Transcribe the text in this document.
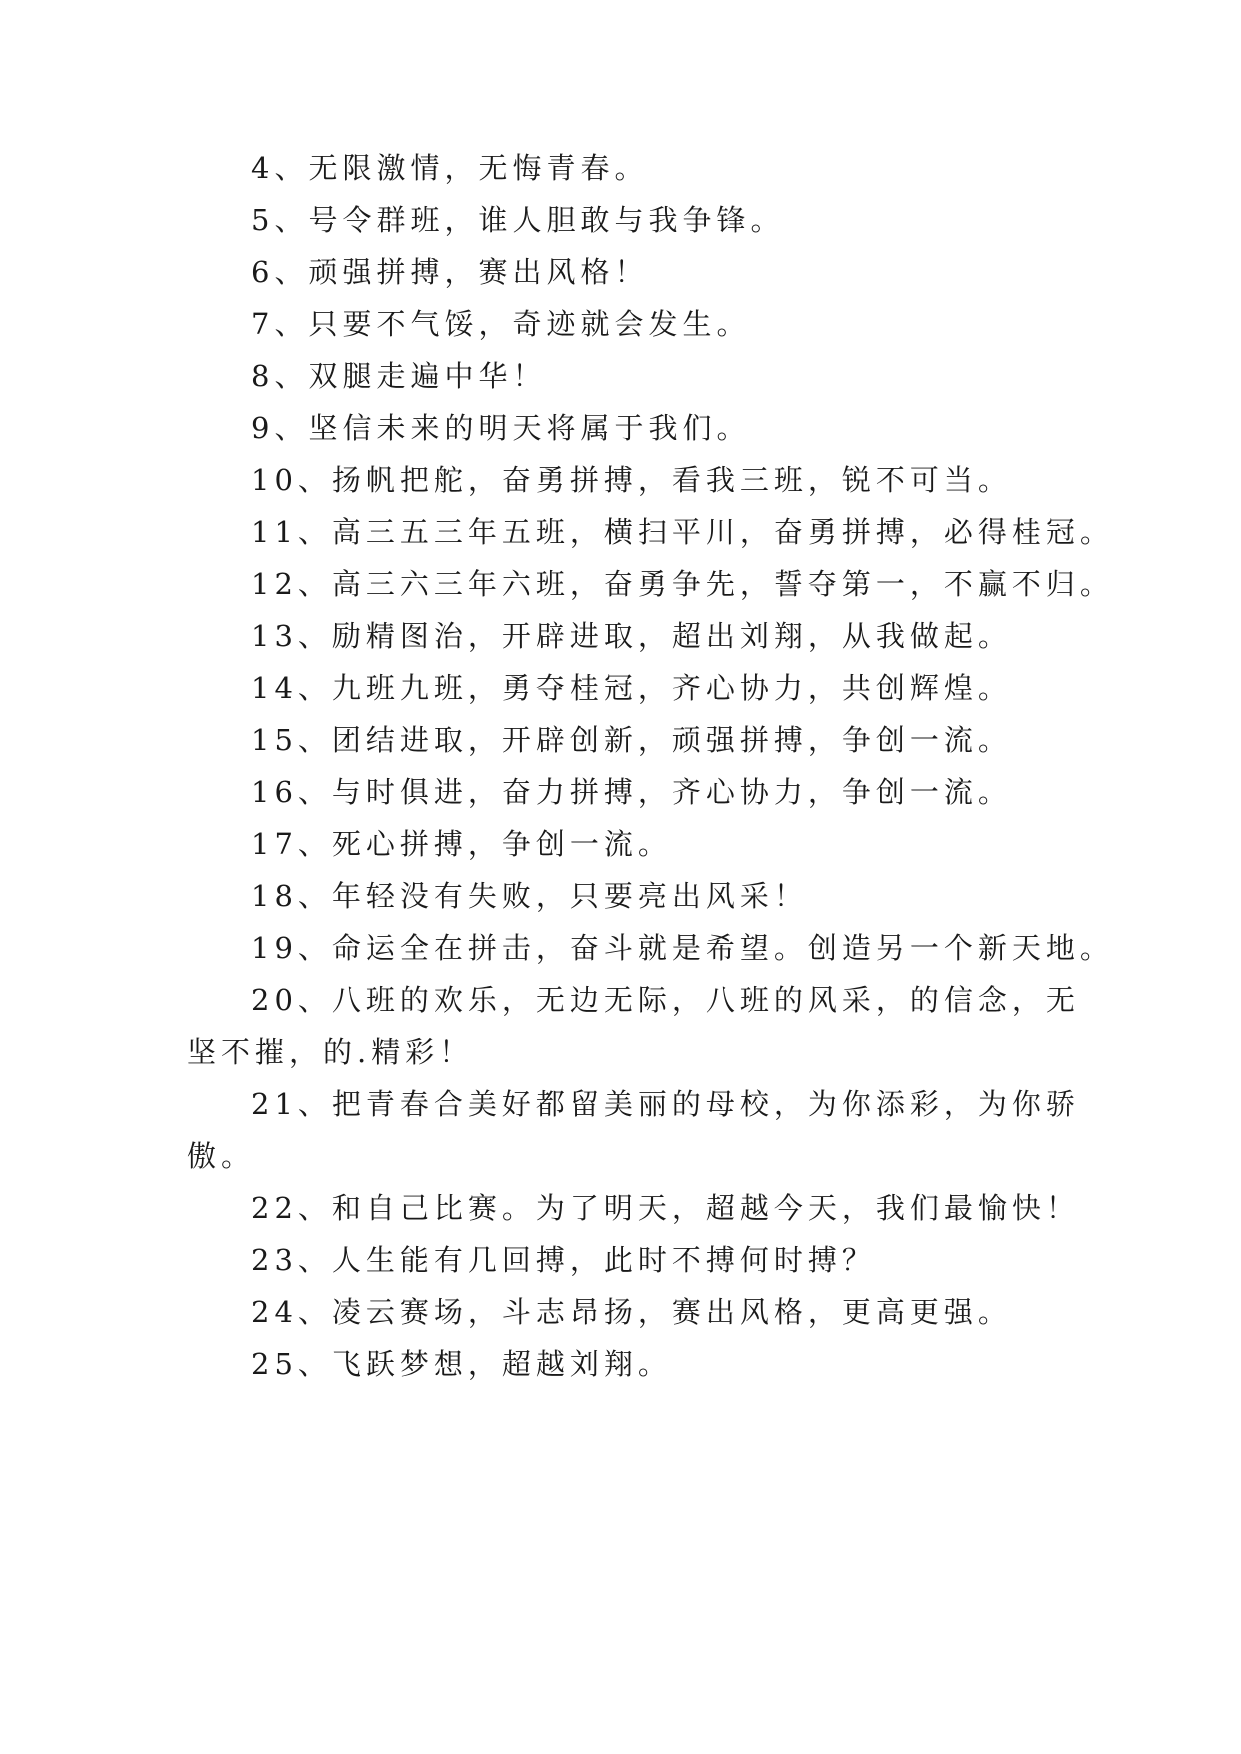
4、无限激情，无悔青春。
5、号令群班，谁人胆敢与我争锋。
6、顽强拼搏，赛出风格！
7、只要不气馁，奇迹就会发生。
8、双腿走遍中华！
9、坚信未来的明天将属于我们。
10、扬帆把舵，奋勇拼搏，看我三班，锐不可当。
11、高三五三年五班，横扫平川，奋勇拼搏，必得桂冠。
12、高三六三年六班，奋勇争先，誓夺第一，不赢不归。
13、励精图治，开辟进取，超出刘翔，从我做起。
14、九班九班，勇夺桂冠，齐心协力，共创辉煌。
15、团结进取，开辟创新，顽强拼搏，争创一流。
16、与时俱进，奋力拼搏，齐心协力，争创一流。
17、死心拼搏，争创一流。
18、年轻没有失败，只要亮出风采！
19、命运全在拼击，奋斗就是希望。创造另一个新天地。
20、八班的欢乐，无边无际，八班的风采，的信念，无
坚不摧，的.精彩！
21、把青春合美好都留美丽的母校，为你添彩，为你骄
傲。
22、和自己比赛。为了明天，超越今天，我们最愉快！
23、人生能有几回搏，此时不搏何时搏？
24、凌云赛场，斗志昂扬，赛出风格，更高更强。
25、飞跃梦想，超越刘翔。
